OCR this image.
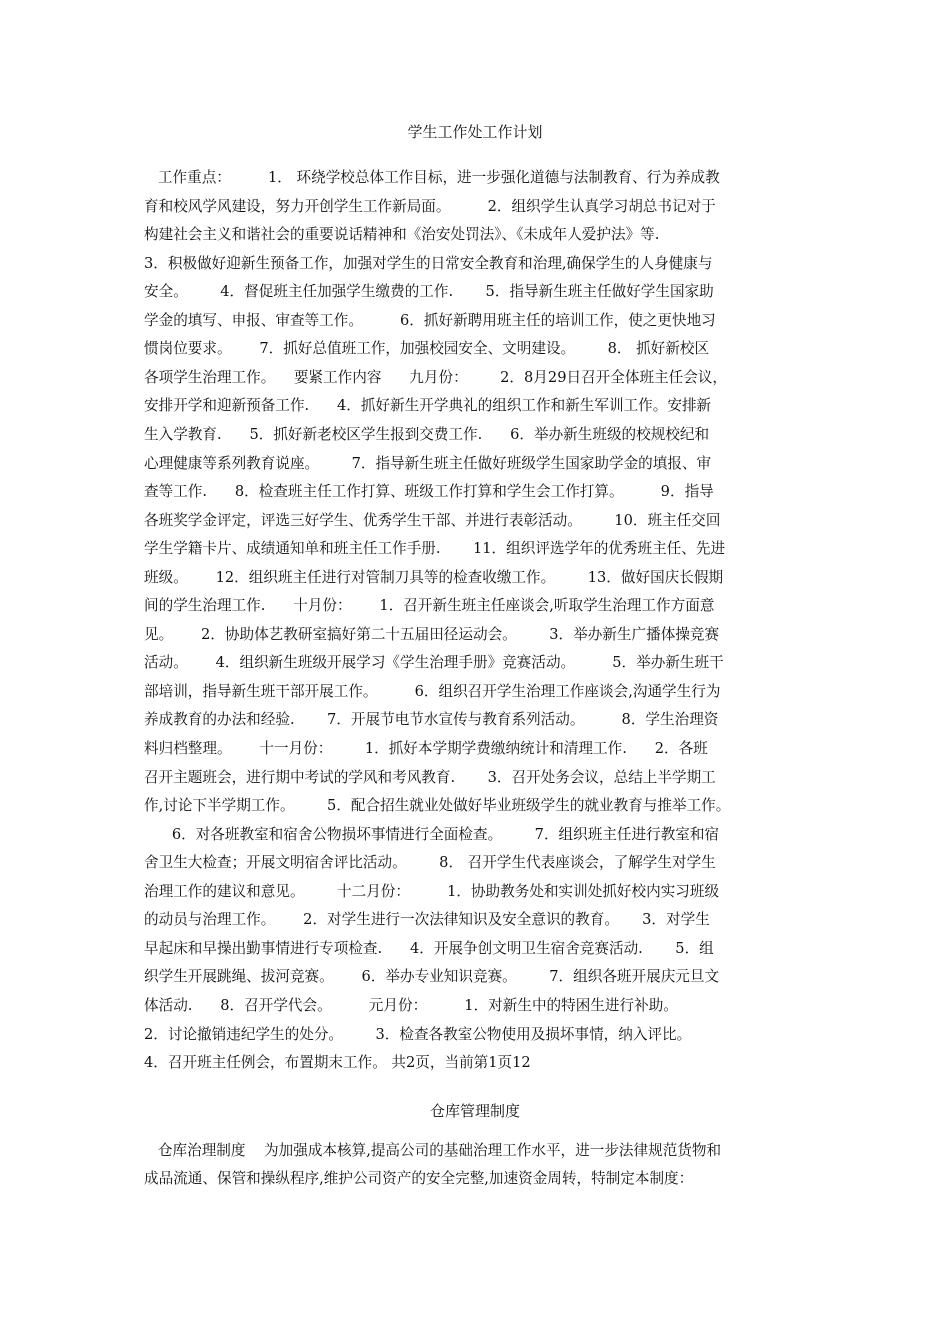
学生工作处工作计划
工作重点：        1． 环绕学校总体工作目标，进一步强化道德与法制教育、行为养成教
育和校风学风建设，努力开创学生工作新局面。        2．组织学生认真学习胡总书记对于
构建社会主义和谐社会的重要说话精神和《治安处罚法》、《未成年人爱护法》等.
3．积极做好迎新生预备工作，加强对学生的日常安全教育和治理,确保学生的人身健康与
安全。       4．督促班主任加强学生缴费的工作.       5．指导新生班主任做好学生国家助
学金的填写、申报、审查等工作。        6．抓好新聘用班主任的培训工作，使之更快地习
惯岗位要求。      7．抓好总值班工作，加强校园安全、文明建设。       8． 抓好新校区
各项学生治理工作。    要紧工作内容      九月份：       2．8月29日召开全体班主任会议，
安排开学和迎新预备工作.      4．抓好新生开学典礼的组织工作和新生军训工作。安排新
生入学教育.      5．抓好新老校区学生报到交费工作.      6．举办新生班级的校规校纪和
心理健康等系列教育说座。       7．指导新生班主任做好班级学生国家助学金的填报、审
查等工作.      8．检查班主任工作打算、班级工作打算和学生会工作打算。        9．指导
各班奖学金评定，评选三好学生、优秀学生干部、并进行表彰活动。       10．班主任交回
学生学籍卡片、成绩通知单和班主任工作手册.       11．组织评选学年的优秀班主任、先进
班级。      12．组织班主任进行对管制刀具等的检查收缴工作。       13．做好国庆长假期
间的学生治理工作.      十月份：      1．召开新生班主任座谈会,听取学生治理工作方面意
见。      2．协助体艺教研室搞好第二十五届田径运动会。       3．举办新生广播体操竞赛
活动。      4．组织新生班级开展学习《学生治理手册》竞赛活动。        5．举办新生班干
部培训，指导新生班干部开展工作。        6．组织召开学生治理工作座谈会,沟通学生行为
养成教育的办法和经验.       7．开展节电节水宣传与教育系列活动。        8．学生治理资
料归档整理。      十一月份：       1．抓好本学期学费缴纳统计和清理工作.      2．各班
召开主题班会，进行期中考试的学风和考风教育.       3．召开处务会议，总结上半学期工
作,讨论下半学期工作。       5．配合招生就业处做好毕业班级学生的就业教育与推举工作。
6．对各班教室和宿舍公物损坏事情进行全面检查。       7．组织班主任进行教室和宿
舍卫生大检查；开展文明宿舍评比活动。       8． 召开学生代表座谈会，了解学生对学生
治理工作的建议和意见。       十二月份：        1．协助教务处和实训处抓好校内实习班级
的动员与治理工作。      2．对学生进行一次法律知识及安全意识的教育。     3．对学生
早起床和早操出勤事情进行专项检查.      4．开展争创文明卫生宿舍竞赛活动.       5．组
织学生开展跳绳、拔河竞赛。      6．举办专业知识竞赛。       7．组织各班开展庆元旦文
体活动.      8．召开学代会。        元月份：        1．对新生中的特困生进行补助。
2．讨论撤销违纪学生的处分。       3．检查各教室公物使用及损坏事情，纳入评比。
4．召开班主任例会，布置期末工作。 共2页，当前第1页12
仓库管理制度
仓库治理制度    为加强成本核算,提高公司的基础治理工作水平，进一步法律规范货物和
成品流通、保管和操纵程序,维护公司资产的安全完整,加速资金周转，特制定本制度：
